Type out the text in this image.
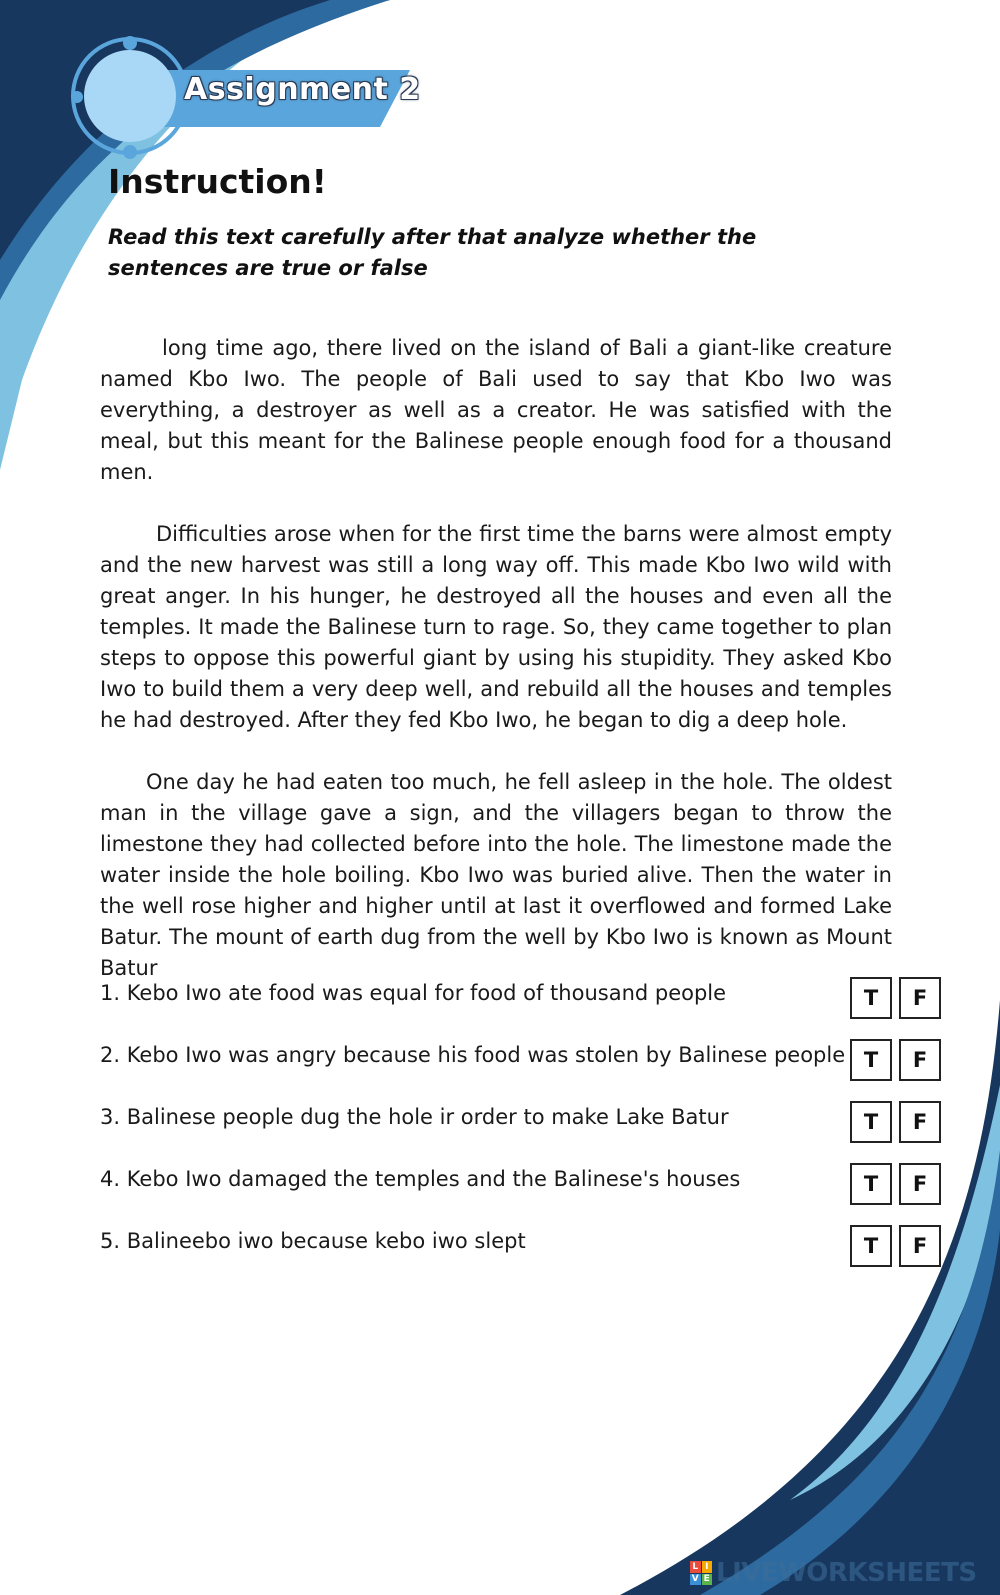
Assignment 2
Instruction!

Read this text carefully after that analyze whether the sentences are true or false

long time ago, there lived on the island of Bali a giant-like creature named Kbo Iwo. The people of Bali used to say that Kbo Iwo was everything, a destroyer as well as a creator. He was satisfied with the meal, but this meant for the Balinese people enough food for a thousand men.

Difficulties arose when for the first time the barns were almost empty and the new harvest was still a long way off. This made Kbo Iwo wild with great anger. In his hunger, he destroyed all the houses and even all the temples. It made the Balinese turn to rage. So, they came together to plan steps to oppose this powerful giant by using his stupidity. They asked Kbo Iwo to build them a very deep well, and rebuild all the houses and temples he had destroyed. After they fed Kbo Iwo, he began to dig a deep hole.

One day he had eaten too much, he fell asleep in the hole. The oldest man in the village gave a sign, and the villagers began to throw the limestone they had collected before into the hole. The limestone made the water inside the hole boiling. Kbo Iwo was buried alive. Then the water in the well rose higher and higher until at last it overflowed and formed Lake Batur. The mount of earth dug from the well by Kbo Iwo is known as Mount Batur

1. Kebo Iwo ate food was equal for food of thousand people	T	F
2. Kebo Iwo was angry because his food was stolen by Balinese people T	F
3. Balinese people dug the hole ir order to make Lake Batur	T	F
4. Kebo Iwo damaged the temples and the Balinese's houses	T	F
5. Balineebo iwo because kebo iwo slept	T	F
L I
V E LIVEWORKSHEETS
